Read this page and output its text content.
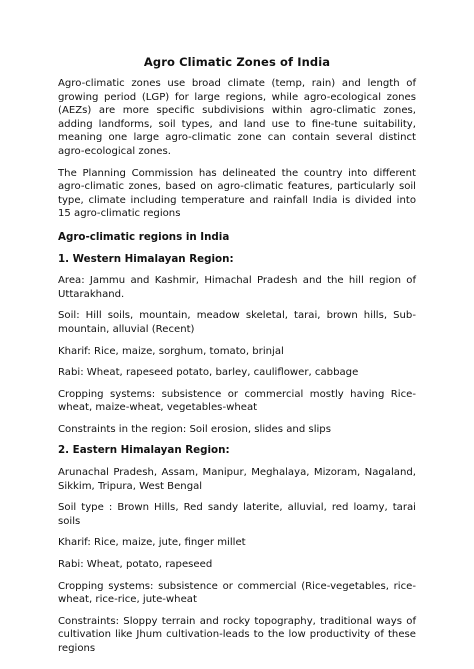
Agro Climatic Zones of India

Agro-climatic zones use broad climate (temp, rain) and length of growing period (LGP) for large regions, while agro-ecological zones (AEZs) are more specific subdivisions within agro-climatic zones, adding landforms, soil types, and land use to fine-tune suitability, meaning one large agro-climatic zone can contain several distinct agro-ecological zones.

The Planning Commission has delineated the country into different agro-climatic zones, based on agro-climatic features, particularly soil type, climate including temperature and rainfall India is divided into 15 agro-climatic regions

Agro-climatic regions in India
1. Western Himalayan Region:

Area: Jammu and Kashmir, Himachal Pradesh and the hill region of Uttarakhand.

Soil: Hill soils, mountain, meadow skeletal, tarai, brown hills, Sub-mountain, alluvial (Recent)

Kharif: Rice, maize, sorghum, tomato, brinjal

Rabi: Wheat, rapeseed potato, barley, cauliflower, cabbage

Cropping systems: subsistence or commercial mostly having Rice-wheat, maize-wheat, vegetables-wheat

Constraints in the region: Soil erosion, slides and slips

2. Eastern Himalayan Region:

Arunachal Pradesh, Assam, Manipur, Meghalaya, Mizoram, Nagaland, Sikkim, Tripura, West Bengal

Soil type : Brown Hills, Red sandy laterite, alluvial, red loamy, tarai soils

Kharif: Rice, maize, jute, finger millet

Rabi: Wheat, potato, rapeseed

Cropping systems: subsistence or commercial (Rice-vegetables, rice-wheat, rice-rice, jute-wheat

Constraints: Sloppy terrain and rocky topography, traditional ways of cultivation like Jhum cultivation-leads to the low productivity of these regions
